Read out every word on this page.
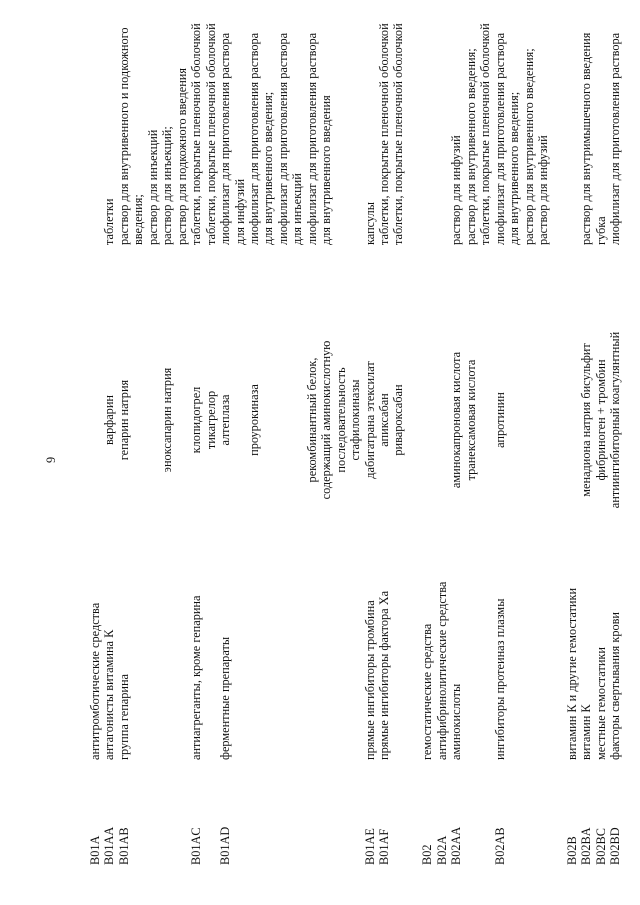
9
B01A
антитромботические средства
B01AA
антагонисты витамина К
варфарин
таблетки
B01AB
группа гепарина
гепарин натрия
раствор для внутривенного и подкожного введения; раствор для инъекций
эноксапарин натрия
раствор для инъекций; раствор для подкожного введения
B01AC
антиагреганты, кроме гепарина
клопидогрел
таблетки, покрытые пленочной оболочкой
тикагрелор
таблетки, покрытые пленочной оболочкой
B01AD
ферментные препараты
алтеплаза
лиофилизат для приготовления раствора для инфузий
проурокиназа
лиофилизат для приготовления раствора для внутривенного введения; лиофилизат для приготовления раствора для инъекций
рекомбинантный белок,
лиофилизат для приготовления раствора
содержащий аминокислотную
для внутривенного введения
последовательность стафилокиназы
B01AE
прямые ингибиторы тромбина
дабигатрана этексилат
капсулы
B01AF
прямые ингибиторы фактора Xa
апиксабан
таблетки, покрытые пленочной оболочкой
ривароксабан
таблетки, покрытые пленочной оболочкой
B02
гемостатические средства
B02A
антифибринолитические средства
B02AA
аминокислоты
аминокапроновая кислота
раствор для инфузий
транексамовая кислота
раствор для внутривенного введения; таблетки, покрытые пленочной оболочкой
B02AB
ингибиторы протеиназ плазмы
апротинин
лиофилизат для приготовления раствора для внутривенного введения; раствор для внутривенного введения; раствор для инфузий
B02B
витамин К и другие гемостатики
B02BA
витамин К
менадиона натрия бисульфит
раствор для внутримышечного введения
B02BC
местные гемостатики
фибриноген + тромбин
губка
B02BD
факторы свертывания крови
антиингибиторный коагулянтный
лиофилизат для приготовления раствора
